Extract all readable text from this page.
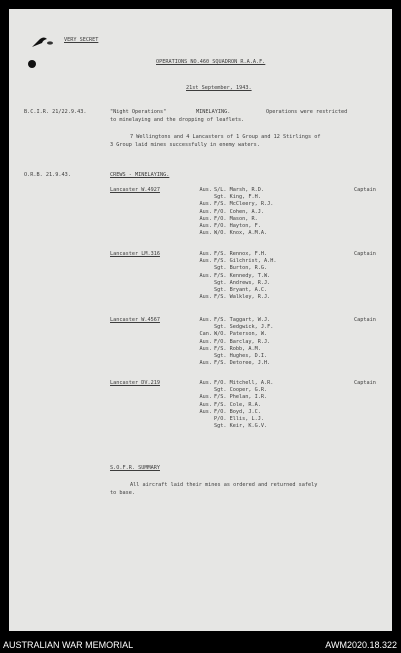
VERY SECRET
OPERATIONS NO.460 SQUADRON R.A.A.F.
21st September, 1943.
B.C.I.R. 21/22.9.43.	"Night Operations"	MINELAYING.	Operations were restricted
to minelaying and the dropping of leaflets.
7 Wellingtons and 4 Lancasters of 1 Group and 12 Stirlings of
3 Group laid mines successfully in enemy waters.
O.R.B. 21.9.43.	CREWS - MINELAYING.
Lancaster W.4927	Aus. S/L. Marsh, R.D.	Captain
Sgt. King, F.H.
Aus. F/S. McCleery, R.J.
Aus. F/O. Cohen, A.J.
Aus. F/O. Mason, R.
Aus. F/O. Hayton, F.
Aus. W/O. Knox, A.M.A.
Lancaster LM.316	Aus. F/S. Rennox, F.H.	Captain
Aus. F/S. Gilchrist, A.H.
Sgt. Burton, R.G.
Aus. F/S. Kennedy, T.W.
Sgt. Andrews, R.J.
Sgt. Bryant, A.C.
Aus. F/S. Walkley, R.J.
Lancaster W.4567	Aus. F/S. Taggart, W.J.	Captain
Sgt. Sedgwick, J.F.
Can. W/O. Paterson, W.
Aus. F/O. Barclay, R.J.
Aus. F/S. Robb, A.M.
Sgt. Hughes, D.I.
Aus. F/S. Detoree, J.H.
Lancaster DV.219	Aus. F/O. Mitchell, A.R.	Captain
Sgt. Cooper, G.R.
Aus. F/S. Phelan, I.R.
Aus. F/S. Cole, R.A.
Aus. F/O. Boyd, J.C.
P/O. Ellis, L.J.
Sgt. Keir, K.G.V.
S.O.F.R. SUMMARY
All aircraft laid their mines as ordered and returned safely
to base.
AUSTRALIAN WAR MEMORIAL	AWM2020.18.322
